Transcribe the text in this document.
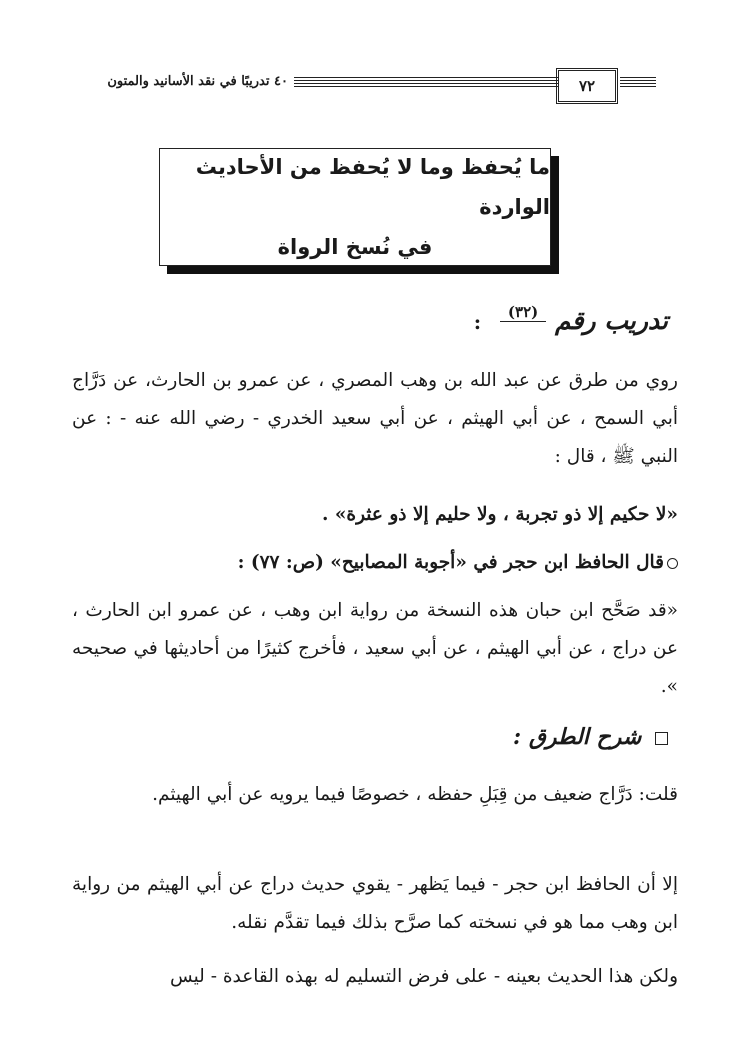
٤٠ تدريبًا في نقد الأسانيد والمتون	٧٢
ما يُحفظ وما لا يُحفظ من الأحاديث الواردة
في نُسخ الرواة
تدريب رقم $^{(٣٢)}$ :
روي من طرق عن عبد الله بن وهب المصري ، عن عمرو بن الحارث، عن دَرَّاج أبي السمح ، عن أبي الهيثم ، عن أبي سعيد الخدري - رضي الله عنه - : عن النبي ﷺ ، قال :
«لا حكيم إلا ذو تجربة ، ولا حليم إلا ذو عثرة» .
قال الحافظ ابن حجر في «أجوبة المصابيح» (ص: ٧٧) :
«قد صَحَّح ابن حبان هذه النسخة من رواية ابن وهب ، عن عمرو ابن الحارث ، عن دراج ، عن أبي الهيثم ، عن أبي سعيد ، فأخرج كثيرًا من أحاديثها في صحيحه ».
شرح الطرق :
قلت: دَرَّاج ضعيف من قِبَلِ حفظه ، خصوصًا فيما يرويه عن أبي الهيثم.
إلا أن الحافظ ابن حجر - فيما يَظهر - يقوي حديث دراج عن أبي الهيثم من رواية ابن وهب مما هو في نسخته كما صرَّح بذلك فيما تقدَّم نقله.
ولكن هذا الحديث بعينه - على فرض التسليم له بهذه القاعدة - ليس
